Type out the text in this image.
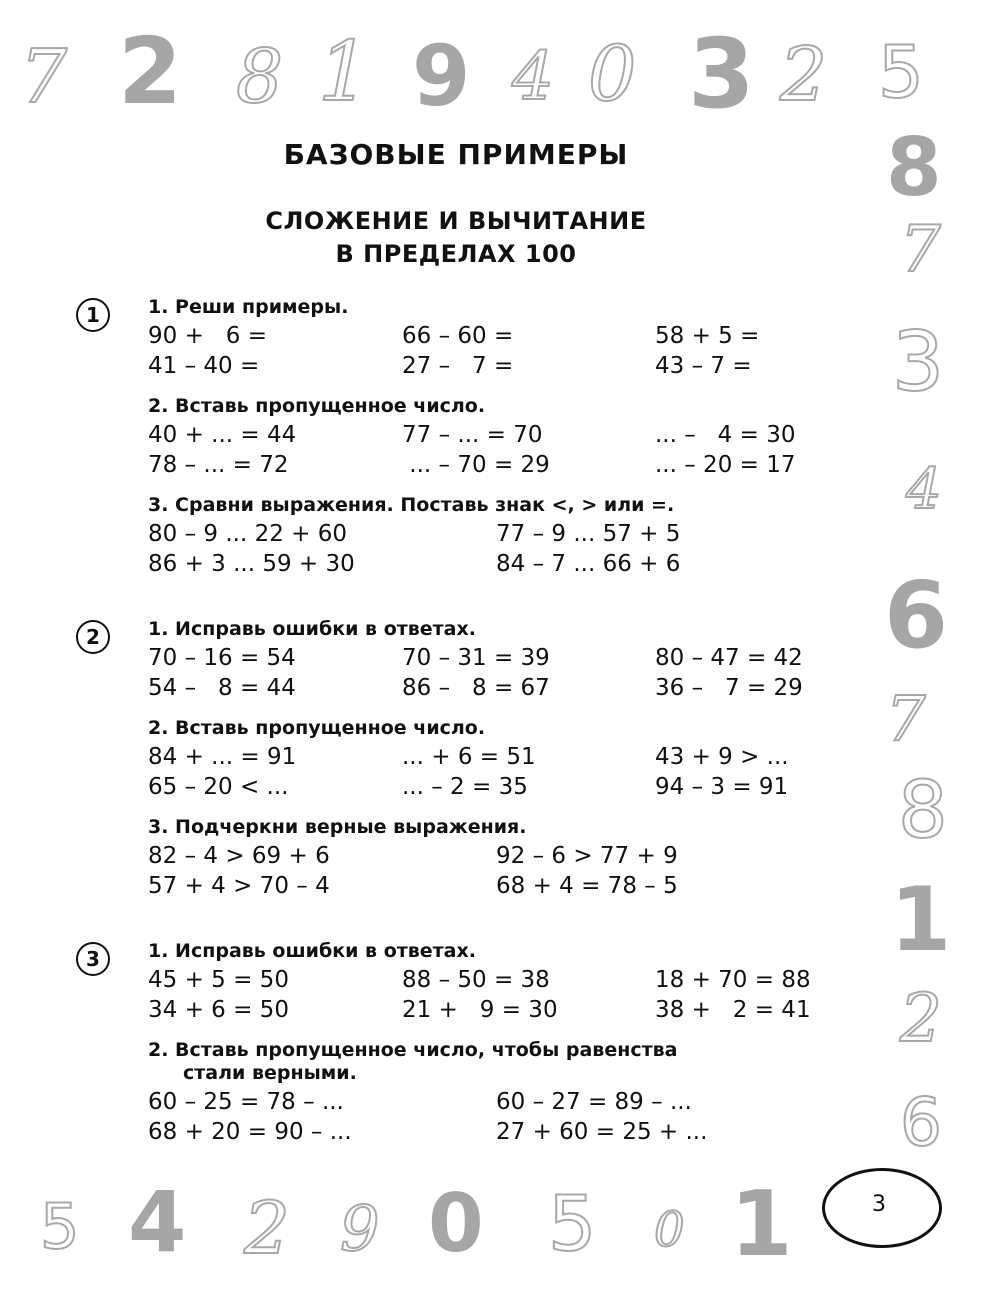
7 2 8 1 9 4 0 3 2 5
8
7
3
4
6
7
8
1
2
6
5 4 2 9 0 5 0 1
БАЗОВЫЕ ПРИМЕРЫ
СЛОЖЕНИЕ И ВЫЧИТАНИЕ
В ПРЕДЕЛАХ 100
1	1. Реши примеры.

90 +   6 =

	66 – 60 =

	58 + 5 =

41 – 40 =

	27 –   7 =

	43 – 7 =

2. Вставь пропущенное число.

40 + ... = 44

	77 – ... = 70

	... –   4 = 30

78 – ... = 72

	... – 70 = 29

	... – 20 = 17

3. Сравни выражения. Поставь знак <, > или =.

80 – 9 ... 22 + 60

	77 – 9 ... 57 + 5

86 + 3 ... 59 + 30

	84 – 7 ... 66 + 6

2	1. Исправь ошибки в ответах.

70 – 16 = 54

	70 – 31 = 39

	80 – 47 = 42

54 –   8 = 44

	86 –   8 = 67

	36 –   7 = 29

2. Вставь пропущенное число.

84 + ... = 91

	... + 6 = 51

	43 + 9 > ...

65 – 20 < ...

	... – 2 = 35

	94 – 3 = 91

3. Подчеркни верные выражения.

82 – 4 > 69 + 6

	92 – 6 > 77 + 9

57 + 4 > 70 – 4

	68 + 4 = 78 – 5

3	1. Исправь ошибки в ответах.

45 + 5 = 50

	88 – 50 = 38

	18 + 70 = 88

34 + 6 = 50

	21 +   9 = 30

	38 +   2 = 41

2. Вставь пропущенное число, чтобы равенства
стали верными.

60 – 25 = 78 – ...

	60 – 27 = 89 – ...

68 + 20 = 90 – ...

	27 + 60 = 25 + ...

3
